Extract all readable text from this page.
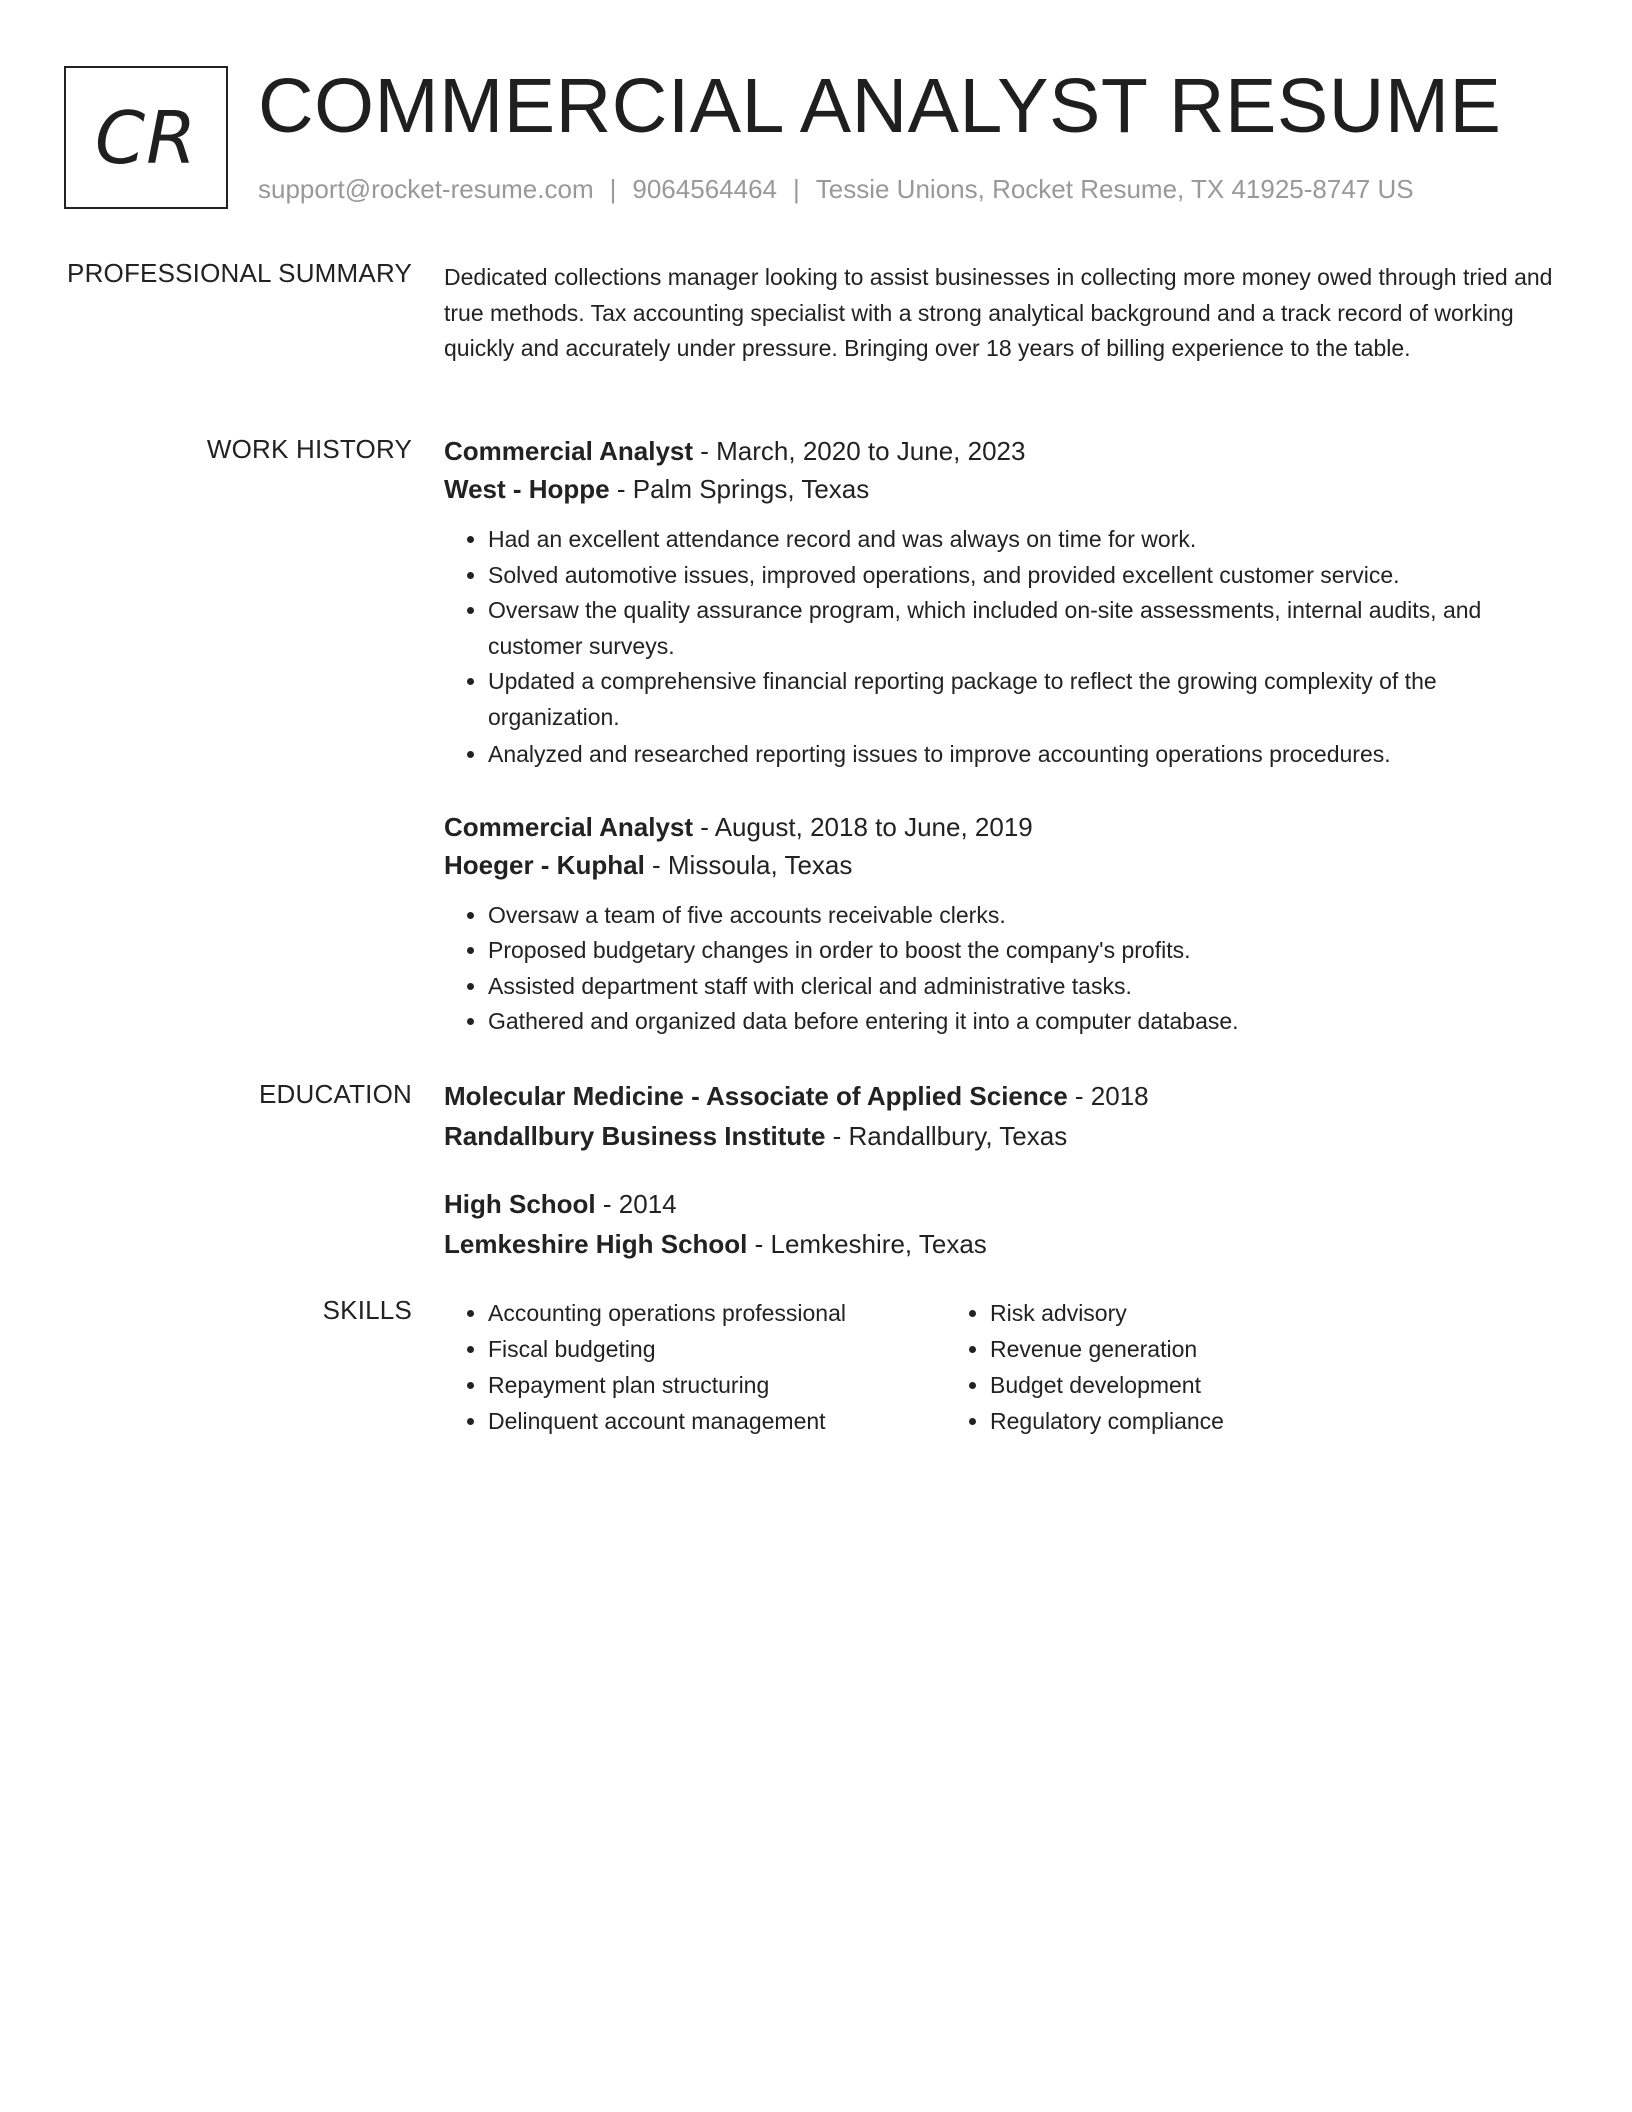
CR COMMERCIAL ANALYST RESUME
support@rocket-resume.com | 9064564464 | Tessie Unions, Rocket Resume, TX 41925-8747 US
PROFESSIONAL SUMMARY Dedicated collections manager looking to assist businesses in collecting more money owed through tried and true methods. Tax accounting specialist with a strong analytical background and a track record of working quickly and accurately under pressure. Bringing over 18 years of billing experience to the table.

WORK HISTORY Commercial Analyst - March, 2020 to June, 2023
West - Hoppe - Palm Springs, Texas
• Had an excellent attendance record and was always on time for work.
• Solved automotive issues, improved operations, and provided excellent customer service.
• Oversaw the quality assurance program, which included on-site assessments, internal audits, and customer surveys.
• Updated a comprehensive financial reporting package to reflect the growing complexity of the organization.
• Analyzed and researched reporting issues to improve accounting operations procedures.
Commercial Analyst - August, 2018 to June, 2019
Hoeger - Kuphal - Missoula, Texas
• Oversaw a team of five accounts receivable clerks.
• Proposed budgetary changes in order to boost the company's profits.
• Assisted department staff with clerical and administrative tasks.
• Gathered and organized data before entering it into a computer database.
EDUCATION Molecular Medicine - Associate of Applied Science - 2018
Randallbury Business Institute - Randallbury, Texas
High School - 2014
Lemkeshire High School - Lemkeshire, Texas
SKILLS
•	Accounting operations professional
• Fiscal budgeting
• Repayment plan structuring
• Delinquent account management
• Risk advisory
• Revenue generation
• Budget development
• Regulatory compliance
